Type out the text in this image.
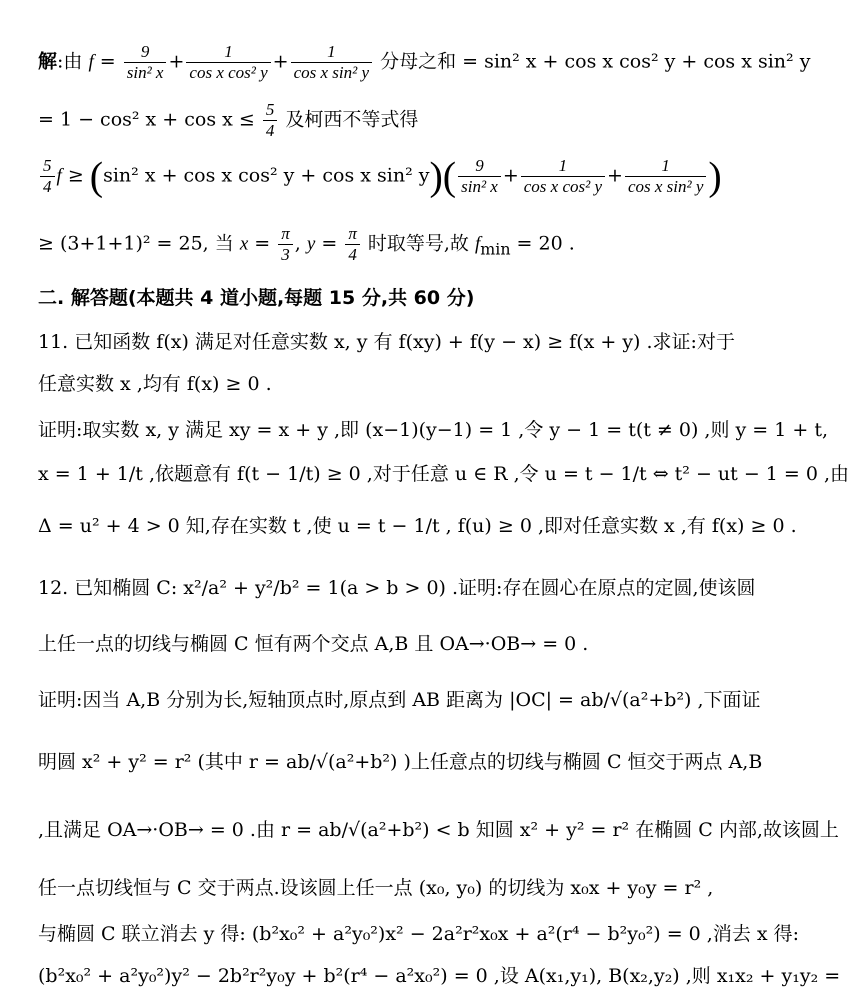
解:由 $f = \frac{9}{\text{sin² x}} + \frac{1}{\text{cos x cos² y}} + \frac{1}{\text{cos x sin² y}}$ 分母之和 = sin² x + cos x cos² y + cos x sin² y
= 1 − cos² $x + \cos x \le \frac{5}{4}$ 及柯西不等式得
$\frac{5}{4}$ f ≥ (sin² x + cos x cos² y + cos x sin² $y)( \frac{9}{\text{sin² x}} + \frac{1}{\text{cos x cos² y}} + \frac{1}{\text{cos x sin² y}}$ )
≥ (3+1+1)² = 25, 当 $x = \frac{\pi}{3}$ , $y = \frac{\pi}{4}$ 时取等号,故 $f_{min} = 20$ .
二. 解答题(本题共 4 道小题,每题 15 分,共 60 分)
11. 已知函数 f(x) 满足对任意实数 x, y 有 f(xy) + f(y − x) ≥ f(x + y) .求证:对于
任意实数 x ,均有 f(x) ≥ 0 .
证明:取实数 x, y 满足 xy = x + y ,即 (x−1)(y−1) = 1 ,令 y − 1 = t(t ≠ 0) ,则 y = 1 + t,
x = 1 + 1/t ,依题意有 f(t − 1/t) ≥ 0 ,对于任意 u ∈ R ,令 u = t − 1/t ⇔ t² − ut − 1 = 0 ,由
Δ = u² + 4 > 0 知,存在实数 t ,使 u = t − 1/t , f(u) ≥ 0 ,即对任意实数 x ,有 f(x) ≥ 0 .
12. 已知椭圆 C: x²/a² + y²/b² = 1(a > b > 0) .证明:存在圆心在原点的定圆,使该圆
上任一点的切线与椭圆 C 恒有两个交点 A,B 且 OA→·OB→ = 0 .
证明:因当 A,B 分别为长,短轴顶点时,原点到 AB 距离为 |OC| = ab/√(a²+b²) ,下面证
明圆 x² + y² = r² (其中 r = ab/√(a²+b²) )上任意点的切线与椭圆 C 恒交于两点 A,B
,且满足 OA→·OB→ = 0 .由 r = ab/√(a²+b²) < b 知圆 x² + y² = r² 在椭圆 C 内部,故该圆上
任一点切线恒与 C 交于两点.设该圆上任一点 (x₀, y₀) 的切线为 x₀x + y₀y = r² ,
与椭圆 C 联立消去 y 得: (b²x₀² + a²y₀²)x² − 2a²r²x₀x + a²(r⁴ − b²y₀²) = 0 ,消去 x 得:
(b²x₀² + a²y₀²)y² − 2b²r²y₀y + b²(r⁴ − a²x₀²) = 0 ,设 A(x₁,y₁), B(x₂,y₂) ,则 x₁x₂ + y₁y₂ =
